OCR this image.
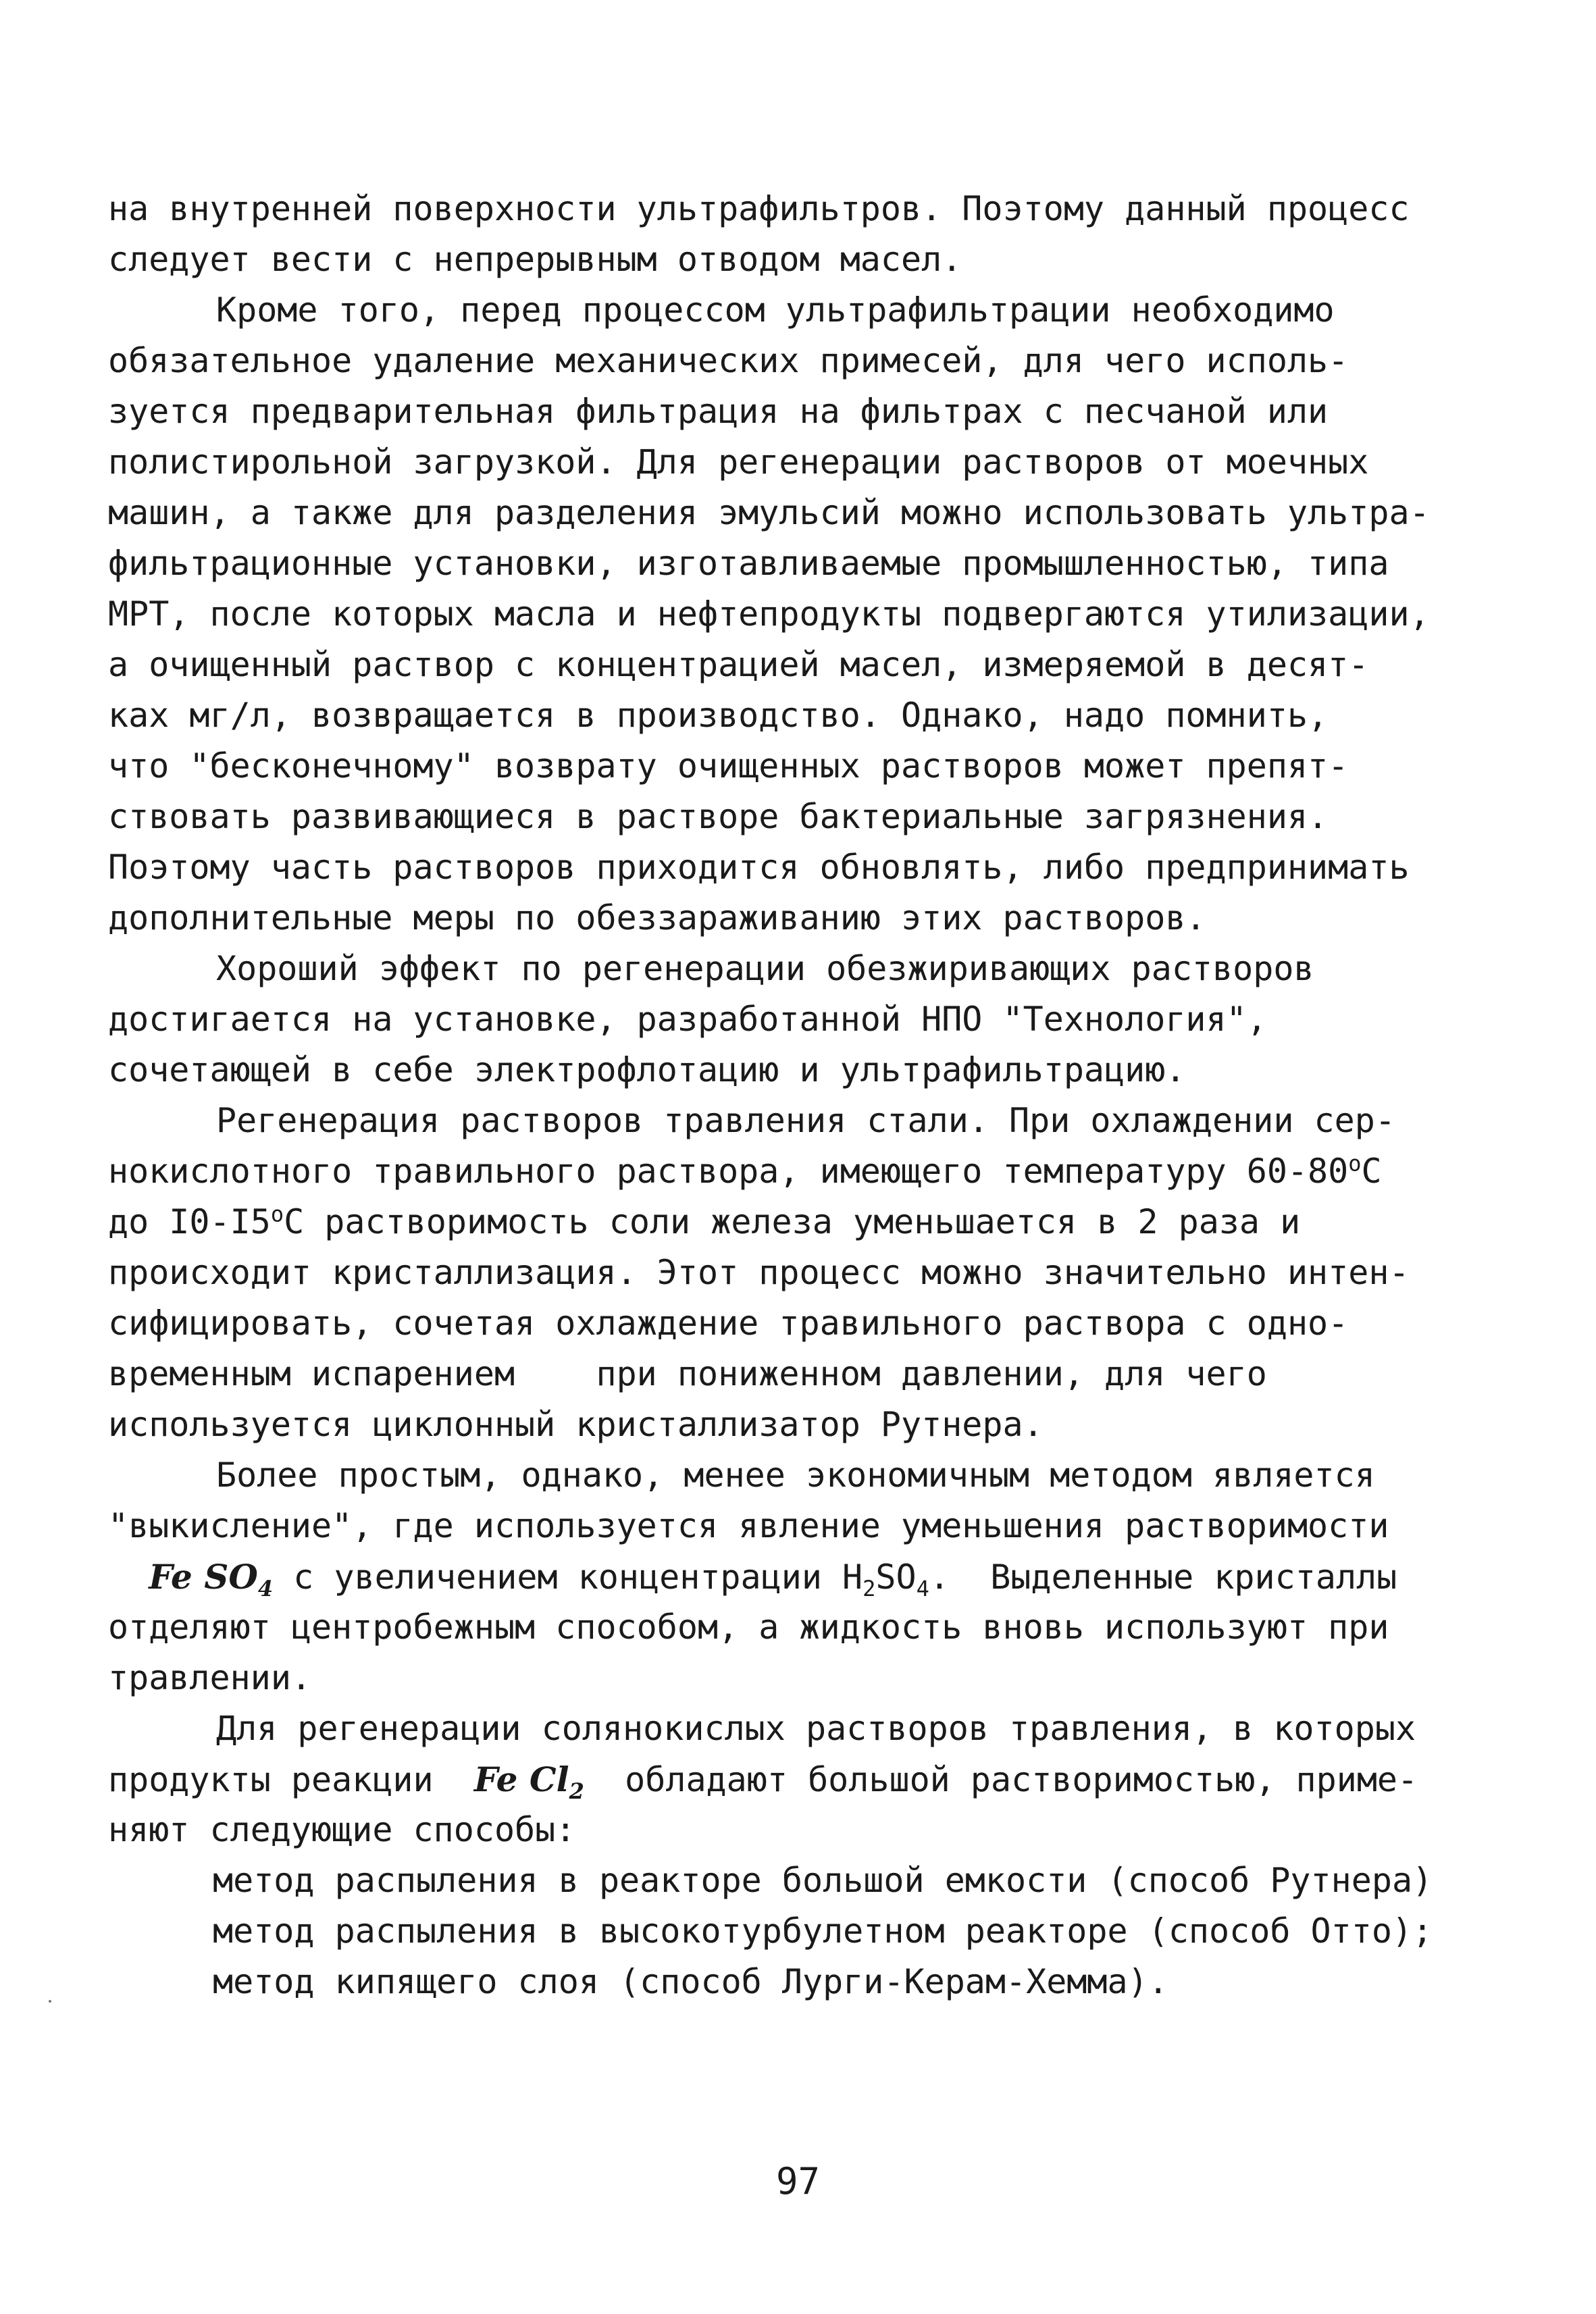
на внутренней поверхности ультрафильтров. Поэтому данный процесс
следует вести с непрерывным отводом масел.
Кроме того, перед процессом ультрафильтрации необходимо
обязательное удаление механических примесей, для чего исполь-
зуется предварительная фильтрация на фильтрах с песчаной или
полистирольной загрузкой. Для регенерации растворов от моечных
машин, а также для разделения эмульсий можно использовать ультра-
фильтрационные установки, изготавливаемые промышленностью, типа
МРТ, после которых масла и нефтепродукты подвергаются утилизации,
а очищенный раствор с концентрацией масел, измеряемой в десят-
ках мг/л, возвращается в производство. Однако, надо помнить,
что "бесконечному" возврату очищенных растворов может препят-
ствовать развивающиеся в растворе бактериальные загрязнения.
Поэтому часть растворов приходится обновлять, либо предпринимать
дополнительные меры по обеззараживанию этих растворов.
Хороший эффект по регенерации обезжиривающих растворов
достигается на установке, разработанной НПО "Технология",
сочетающей в себе электрофлотацию и ультрафильтрацию.
Регенерация растворов травления стали. При охлаждении сер-
нокислотного травильного раствора, имеющего температуру $60-80^оС$
до $I0-I5^оС$ растворимость соли железа уменьшается в 2 раза и
происходит кристаллизация. Этот процесс можно значительно интен-
сифицировать, сочетая охлаждение травильного раствора с одно-
временным испарением    при пониженном давлении, для чего
используется циклонный кристаллизатор Рутнера.
Более простым, однако, менее экономичным методом является
"выкисление", где используется явление уменьшения растворимости
Fe $SO_4$ с увеличением концентрации $H_2SO_4$.  Выделенные кристаллы
отделяют центробежным способом, а жидкость вновь используют при
травлении.
Для регенерации солянокислых растворов травления, в которых
продукты реакции Fe $Cl_2$ обладают большой растворимостью, приме-
няют следующие способы:
метод распыления в реакторе большой емкости (способ Рутнера)
метод распыления в высокотурбулетном реакторе (способ Отто);
метод кипящего слоя (способ Лурги-Керам-Хемма).
97
